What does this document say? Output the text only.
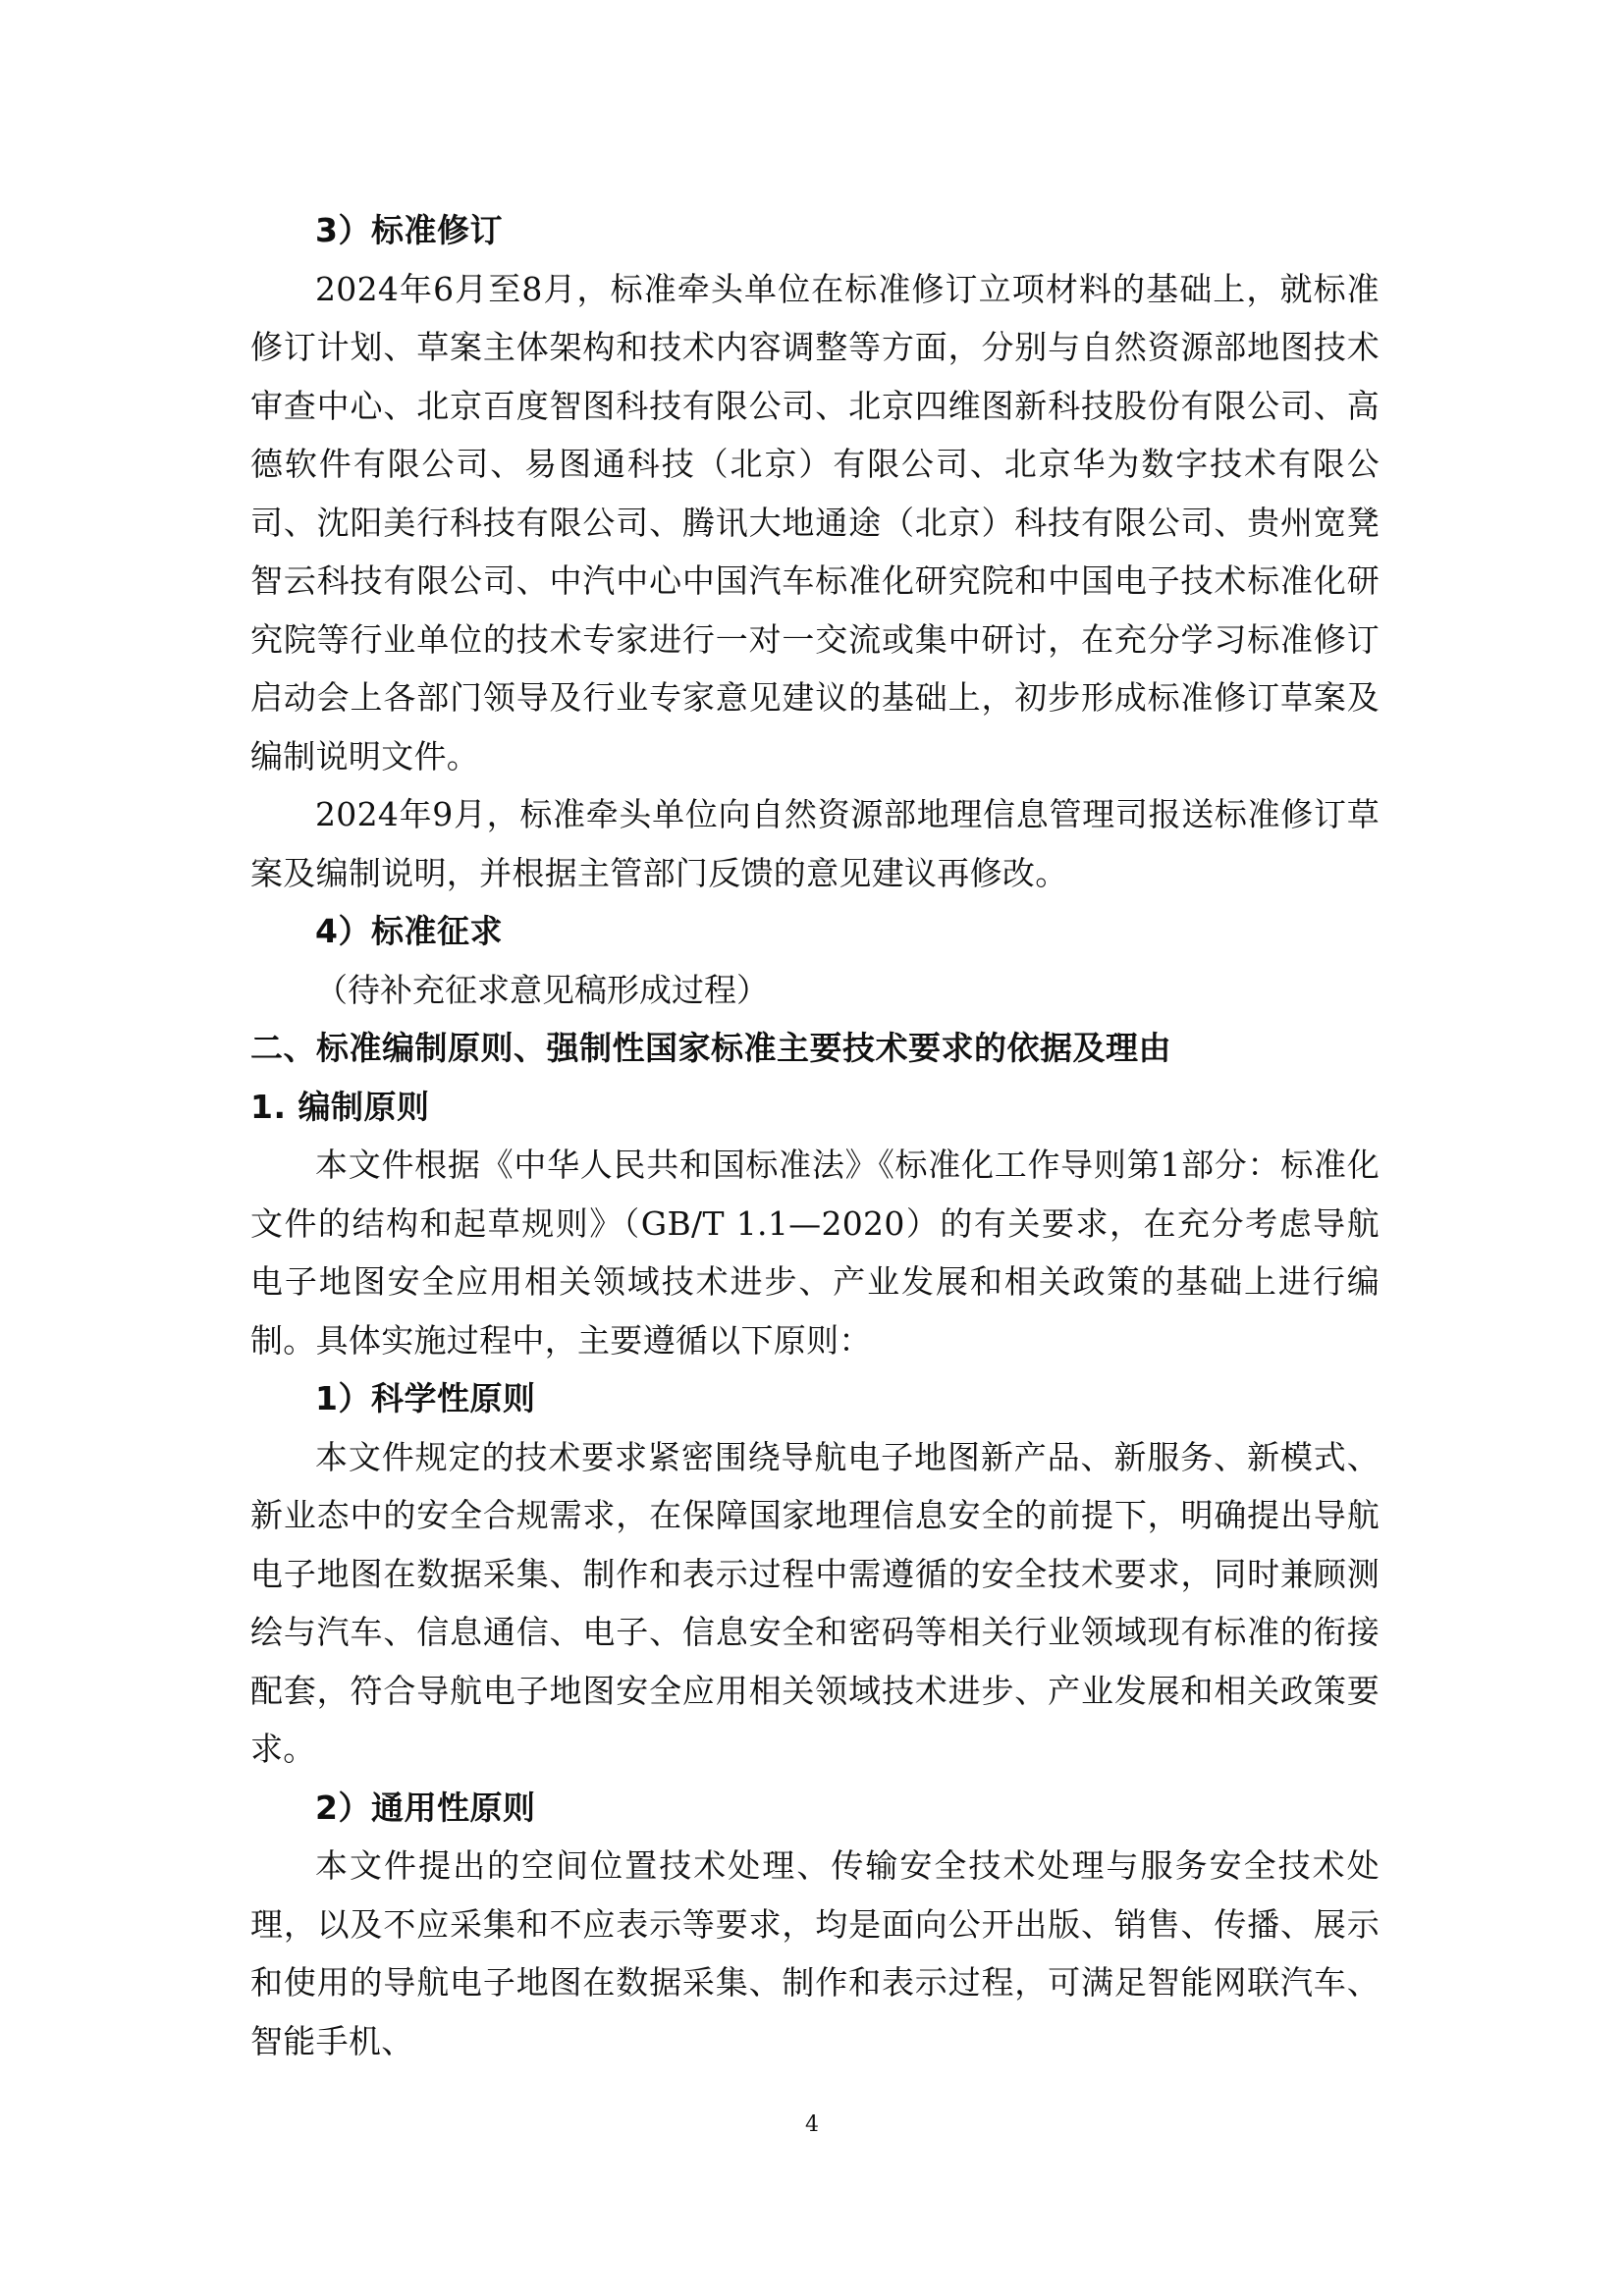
3）标准修订

2024年6月至8月，标准牵头单位在标准修订立项材料的基础上，就标准修订计划、草案主体架构和技术内容调整等方面，分别与自然资源部地图技术审查中心、北京百度智图科技有限公司、北京四维图新科技股份有限公司、高德软件有限公司、易图通科技（北京）有限公司、北京华为数字技术有限公司、沈阳美行科技有限公司、腾讯大地通途（北京）科技有限公司、贵州宽凳智云科技有限公司、中汽中心中国汽车标准化研究院和中国电子技术标准化研究院等行业单位的技术专家进行一对一交流或集中研讨，在充分学习标准修订启动会上各部门领导及行业专家意见建议的基础上，初步形成标准修订草案及编制说明文件。

2024年9月，标准牵头单位向自然资源部地理信息管理司报送标准修订草案及编制说明，并根据主管部门反馈的意见建议再修改。

4）标准征求

（待补充征求意见稿形成过程）

二、标准编制原则、强制性国家标准主要技术要求的依据及理由

1. 编制原则

本文件根据《中华人民共和国标准法》《标准化工作导则第1部分：标准化文件的结构和起草规则》（GB/T 1.1—2020）的有关要求，在充分考虑导航电子地图安全应用相关领域技术进步、产业发展和相关政策的基础上进行编制。具体实施过程中，主要遵循以下原则：

1）科学性原则

本文件规定的技术要求紧密围绕导航电子地图新产品、新服务、新模式、新业态中的安全合规需求，在保障国家地理信息安全的前提下，明确提出导航电子地图在数据采集、制作和表示过程中需遵循的安全技术要求，同时兼顾测绘与汽车、信息通信、电子、信息安全和密码等相关行业领域现有标准的衔接配套，符合导航电子地图安全应用相关领域技术进步、产业发展和相关政策要求。

2）通用性原则

本文件提出的空间位置技术处理、传输安全技术处理与服务安全技术处理，以及不应采集和不应表示等要求，均是面向公开出版、销售、传播、展示和使用的导航电子地图在数据采集、制作和表示过程，可满足智能网联汽车、智能手机、

4
